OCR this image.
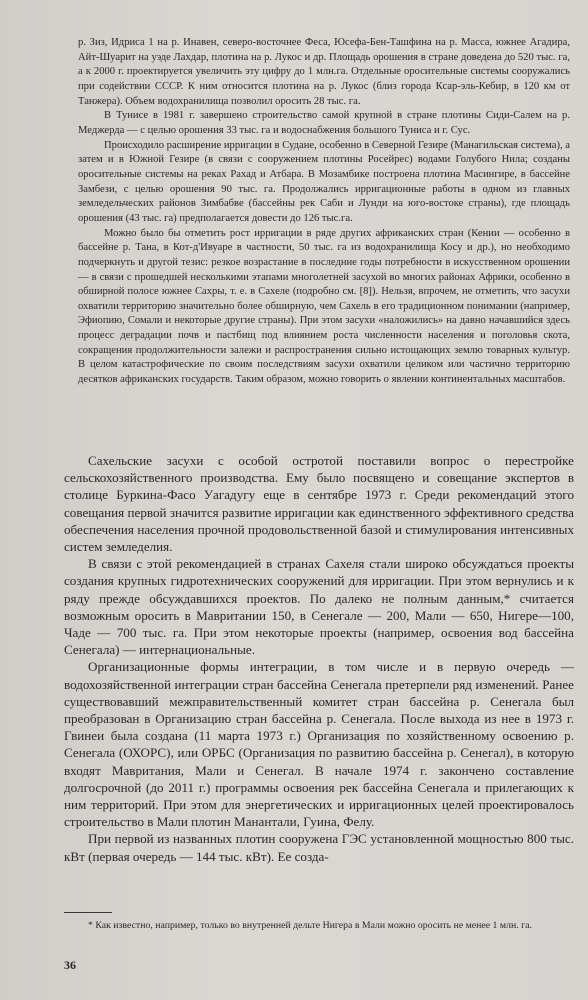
р. Зиз, Идриса 1 на р. Инавен, северо-восточнее Феса, Юсефа-Бен-Ташфина на р. Масса, южнее Агадира, Айт-Шуарит на уэде Лахдар, плотина на р. Лукос и др. Площадь орошения в стране доведена до 520 тыс. га, а к 2000 г. проектируется увеличить эту цифру до 1 млн.га. Отдельные оросительные системы сооружались при содействии СССР. К ним относится плотина на р. Лукос (близ города Ксар-эль-Кебир, в 120 км от Танжера). Объем водохранилища позволил оросить 28 тыс. га.

В Тунисе в 1981 г. завершено строительство самой крупной в стране плотины Сиди-Салем на р. Меджерда — с целью орошения 33 тыс. га и водоснабжения большого Туниса и г. Сус.

Происходило расширение ирригации в Судане, особенно в Северной Гезире (Манагильская система), а затем и в Южной Гезире (в связи с сооружением плотины Росейрес) водами Голубого Нила; созданы оросительные системы на реках Рахад и Атбара. В Мозамбике построена плотина Масингире, в бассейне Замбези, с целью орошения 90 тыс. га. Продолжались ирригационные работы в одном из главных земледельческих районов Зимбабве (бассейны рек Саби и Лунди на юго-востоке страны), где площадь орошения (43 тыс. га) предполагается довести до 126 тыс.га.

Можно было бы отметить рост ирригации в ряде других африканских стран (Кении — особенно в бассейне р. Тана, в Кот-д'Ивуаре в частности, 50 тыс. га из водохранилища Косу и др.), но необходимо подчеркнуть и другой тезис: резкое возрастание в последние годы потребности в искусственном орошении — в связи с прошедшей несколькими этапами многолетней засухой во многих районах Африки, особенно в обширной полосе южнее Сахры, т. е. в Сахеле (подробно см. [8]). Нельзя, впрочем, не отметить, что засухи охватили территорию значительно более обширную, чем Сахель в его традиционном понимании (например, Эфиопию, Сомали и некоторые другие страны). При этом засухи «наложились» на давно начавшийся здесь процесс деградации почв и пастбищ под влиянием роста численности населения и поголовья скота, сокращения продолжительности залежи и распространения сильно истощающих землю товарных культур. В целом катастрофические по своим последствиям засухи охватили целиком или частично территорию десятков африканских государств. Таким образом, можно говорить о явлении континентальных масштабов.

Сахельские засухи с особой остротой поставили вопрос о перестройке сельскохозяйственного производства. Ему было посвящено и совещание экспертов в столице Буркина-Фасо Уагадугу еще в сентябре 1973 г. Среди рекомендаций этого совещания первой значится развитие ирригации как единственного эффективного средства обеспечения населения прочной продовольственной базой и стимулирования интенсивных систем земледелия.

В связи с этой рекомендацией в странах Сахеля стали широко обсуждаться проекты создания крупных гидротехнических сооружений для ирригации. При этом вернулись и к ряду прежде обсуждавшихся проектов. По далеко не полным данным,* считается возможным оросить в Мавритании 150, в Сенегале — 200, Мали — 650, Нигере—100, Чаде — 700 тыс. га. При этом некоторые проекты (например, освоения вод бассейна Сенегала) — интернациональные.

Организационные формы интеграции, в том числе и в первую очередь — водохозяйственной интеграции стран бассейна Сенегала претерпели ряд изменений. Ранее существовавший межправительственный комитет стран бассейна р. Сенегала был преобразован в Организацию стран бассейна р. Сенегала. После выхода из нее в 1973 г. Гвинеи была создана (11 марта 1973 г.) Организация по хозяйственному освоению р. Сенегала (ОХОРС), или ОРБС (Организация по развитию бассейна р. Сенегал), в которую входят Мавритания, Мали и Сенегал. В начале 1974 г. закончено составление долгосрочной (до 2011 г.) программы освоения рек бассейна Сенегала и прилегающих к ним территорий. При этом для энергетических и ирригационных целей проектировалось строительство в Мали плотин Манантали, Гуина, Фелу.

При первой из названных плотин сооружена ГЭС установленной мощностью 800 тыс. кВт (первая очередь — 144 тыс. кВт). Ее созда-

* Как известно, например, только во внутренней дельте Нигера в Мали можно оросить не менее 1 млн. га.
36
